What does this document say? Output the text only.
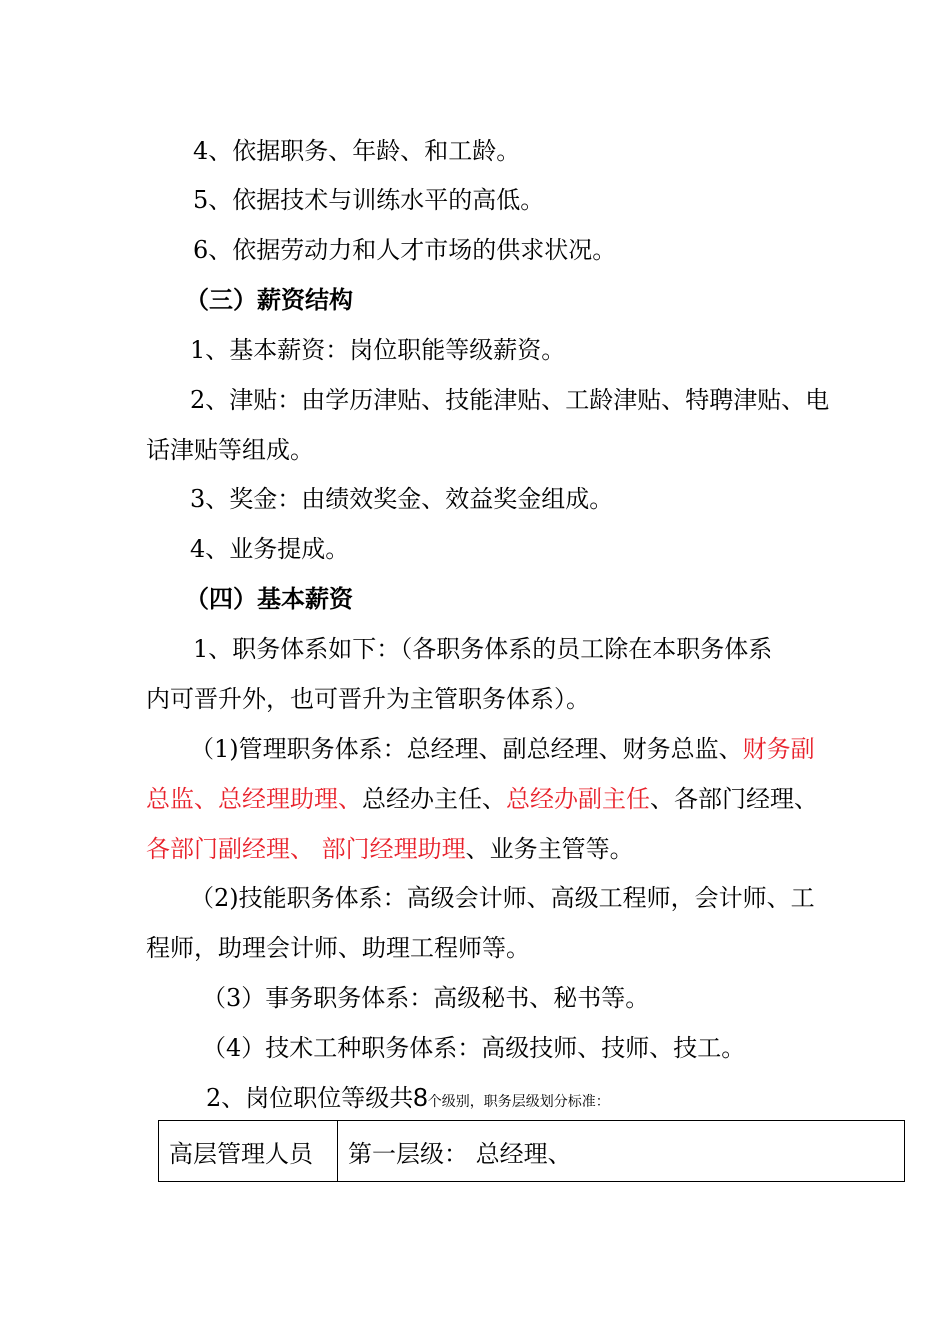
4、依据职务、年龄、和工龄。
5、依据技术与训练水平的高低。
6、依据劳动力和人才市场的供求状况。
（三）薪资结构
1、基本薪资：岗位职能等级薪资。
2、津贴：由学历津贴、技能津贴、工龄津贴、特聘津贴、电
话津贴等组成。
3、奖金：由绩效奖金、效益奖金组成。
4、业务提成。
（四）基本薪资
1、职务体系如下：（各职务体系的员工除在本职务体系
内可晋升外，也可晋升为主管职务体系）。
（1)管理职务体系：总经理、副总经理、财务总监、财务副
总监、总经理助理、总经办主任、总经办副主任、各部门经理、
各部门副经理、 部门经理助理、业务主管等。
（2)技能职务体系：高级会计师、高级工程师，会计师、工
程师，助理会计师、助理工程师等。
（3）事务职务体系：高级秘书、秘书等。
（4）技术工种职务体系：高级技师、技师、技工。
2、岗位职位等级共8个级别，职务层级划分标准：
高层管理人员	第一层级： 总经理、
